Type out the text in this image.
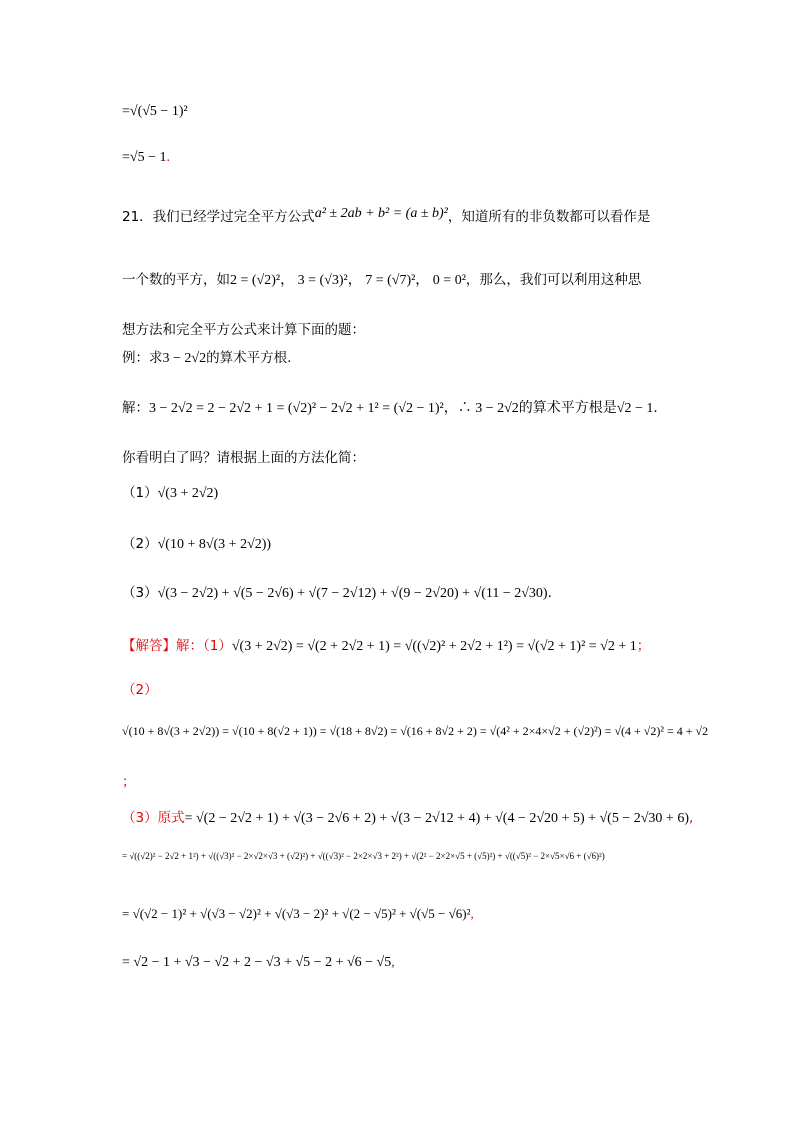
=√(√5 − 1)²
=√5 − 1.
21．我们已经学过完全平方公式a² ± 2ab + b² = (a ± b)²，知道所有的非负数都可以看作是
一个数的平方，如2 = (√2)²， 3 = (√3)²， 7 = (√7)²， 0 = 0²，那么，我们可以利用这种思
想方法和完全平方公式来计算下面的题：
例：求3 − 2√2的算术平方根.
解：3 − 2√2 = 2 − 2√2 + 1 = (√2)² − 2√2 + 1² = (√2 − 1)²，∴ 3 − 2√2的算术平方根是√2 − 1.
你看明白了吗？请根据上面的方法化简：
（1）√(3 + 2√2)
（2）√(10 + 8√(3 + 2√2))
（3）√(3 − 2√2) + √(5 − 2√6) + √(7 − 2√12) + √(9 − 2√20) + √(11 − 2√30).
【解答】解：（1）√(3 + 2√2) = √(2 + 2√2 + 1) = √((√2)² + 2√2 + 1²) = √(√2 + 1)² = √2 + 1；
（2）
√(10 + 8√(3 + 2√2)) = √(10 + 8(√2 + 1)) = √(18 + 8√2) = √(16 + 8√2 + 2) = √(4² + 2×4×√2 + (√2)²) = √(4 + √2)² = 4 + √2
；
（3）原式= √(2 − 2√2 + 1) + √(3 − 2√6 + 2) + √(3 − 2√12 + 4) + √(4 − 2√20 + 5) + √(5 − 2√30 + 6),
= √((√2)² − 2√2 + 1²) + √((√3)² − 2×√2×√3 + (√2)²) + √((√3)² − 2×2×√3 + 2²) + √(2² − 2×2×√5 + (√5)²) + √((√5)² − 2×√5×√6 + (√6)²)
= √(√2 − 1)² + √(√3 − √2)² + √(√3 − 2)² + √(2 − √5)² + √(√5 − √6)²,
= √2 − 1 + √3 − √2 + 2 − √3 + √5 − 2 + √6 − √5,
